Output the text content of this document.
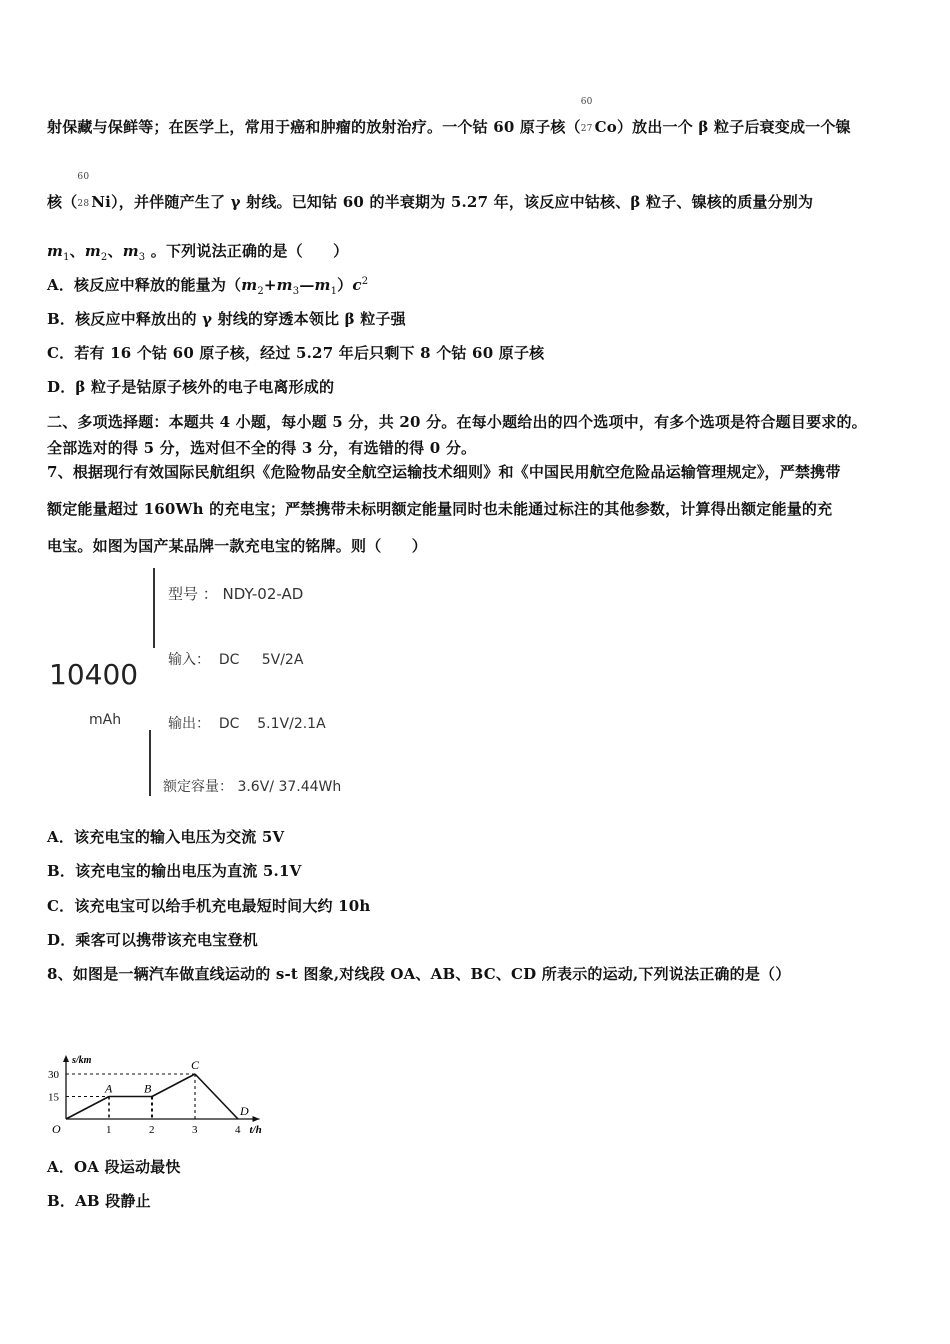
射保藏与保鲜等；在医学上，常用于癌和肿瘤的放射治疗。一个钴 60 原子核（
60
27 Co）放出一个 β 粒子后衰变成一个镍
核（
60
28 Ni），并伴随产生了 γ 射线。已知钴 60 的半衰期为 5.27 年，该反应中钴核、β 粒子、镍核的质量分别为
$m_1$、$m_2$、$m_3$ 。下列说法正确的是（　　）
A．核反应中释放的能量为$(m_2+m_3—m_1)c^2$
B．核反应中释放出的 γ 射线的穿透本领比 β 粒子强
C．若有 16 个钴 60 原子核，经过 5.27 年后只剩下 8 个钴 60 原子核
D．β 粒子是钴原子核外的电子电离形成的
二、多项选择题：本题共 4 小题，每小题 5 分，共 20 分。在每小题给出的四个选项中，有多个选项是符合题目要求的。
全部选对的得 5 分，选对但不全的得 3 分，有选错的得 0 分。
7、根据现行有效国际民航组织《危险物品安全航空运输技术细则》和《中国民用航空危险品运输管理规定》，严禁携带
额定能量超过 160Wh 的充电宝；严禁携带未标明额定能量同时也未能通过标注的其他参数，计算得出额定能量的充
电宝。如图为国产某品牌一款充电宝的铭牌。则（　　）
10400
mAh
型号 ： NDY-02-AD
输入：  DC     5V/2A
输出：  DC    5.1V/2.1A
额定容量： 3.6V/ 37.44Wh
A．该充电宝的输入电压为交流 5V
B．该充电宝的输出电压为直流 5.1V
C．该充电宝可以给手机充电最短时间大约 10h
D．乘客可以携带该充电宝登机
8、如图是一辆汽车做直线运动的 s-t 图象,对线段 OA、AB、BC、CD 所表示的运动,下列说法正确的是（）
s/km
t/h
O
A	B
C
D
1	2	3	4
15
30
A．OA 段运动最快
B．AB 段静止
